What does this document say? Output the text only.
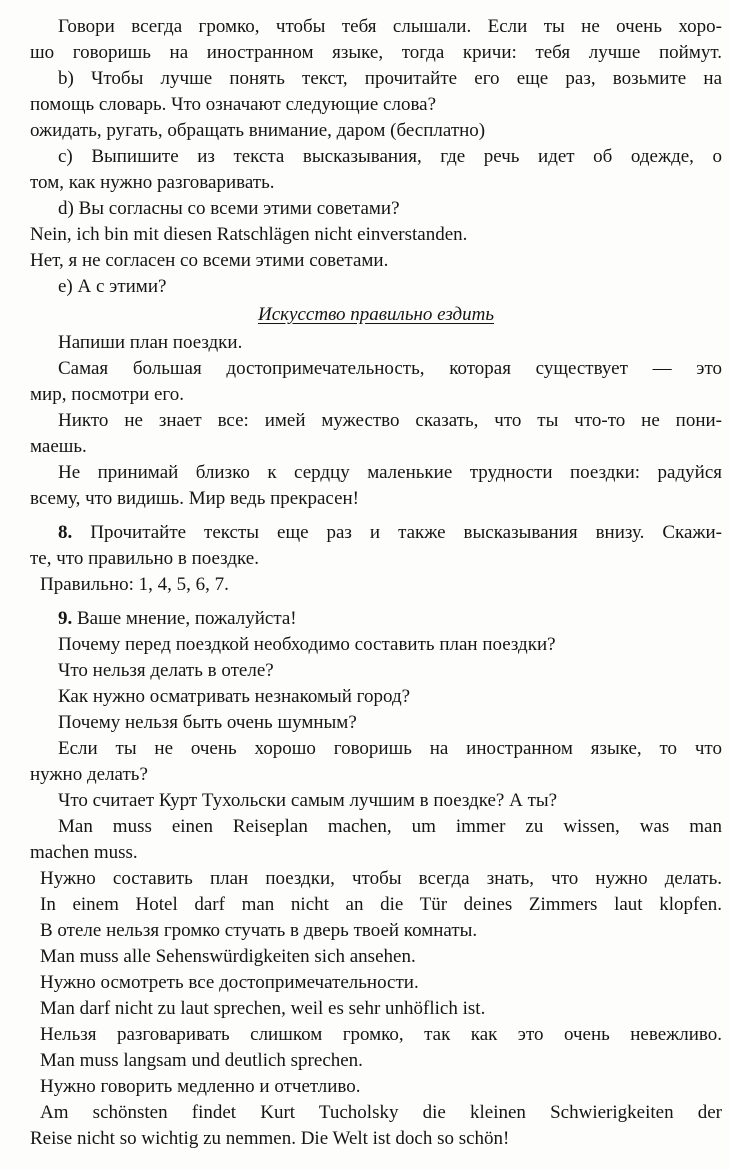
Говори всегда громко, чтобы тебя слышали. Если ты не очень хоро-
шо говоришь на иностранном языке, тогда кричи: тебя лучше поймут.
b) Чтобы лучше понять текст, прочитайте его еще раз, возьмите на
помощь словарь. Что означают следующие слова?
ожидать, ругать, обращать внимание, даром (бесплатно)
c) Выпишите из текста высказывания, где речь идет об одежде, о
том, как нужно разговаривать.
d) Вы согласны со всеми этими советами?
Nein, ich bin mit diesen Ratschlägen nicht einverstanden.
Нет, я не согласен со всеми этими советами.
e) А с этими?
Искусство правильно ездить
Напиши план поездки.
Самая большая достопримечательность, которая существует — это
мир, посмотри его.
Никто не знает все: имей мужество сказать, что ты что-то не пони-
маешь.
Не принимай близко к сердцу маленькие трудности поездки: радуйся
всему, что видишь. Мир ведь прекрасен!
8. Прочитайте тексты еще раз и также высказывания внизу. Скажи-
те, что правильно в поездке.
Правильно: 1, 4, 5, 6, 7.
9. Ваше мнение, пожалуйста!
Почему перед поездкой необходимо составить план поездки?
Что нельзя делать в отеле?
Как нужно осматривать незнакомый город?
Почему нельзя быть очень шумным?
Если ты не очень хорошо говоришь на иностранном языке, то что
нужно делать?
Что считает Курт Тухольски самым лучшим в поездке? А ты?
Man muss einen Reiseplan machen, um immer zu wissen, was man
machen muss.
Нужно составить план поездки, чтобы всегда знать, что нужно делать.
In einem Hotel darf man nicht an die Tür deines Zimmers laut klopfen.
В отеле нельзя громко стучать в дверь твоей комнаты.
Man muss alle Sehenswürdigkeiten sich ansehen.
Нужно осмотреть все достопримечательности.
Man darf nicht zu laut sprechen, weil es sehr unhöflich ist.
Нельзя разговаривать слишком громко, так как это очень невежливо.
Man muss langsam und deutlich sprechen.
Нужно говорить медленно и отчетливо.
Am schönsten findet Kurt Tucholsky die kleinen Schwierigkeiten der
Reise nicht so wichtig zu nemmen. Die Welt ist doch so schön!
